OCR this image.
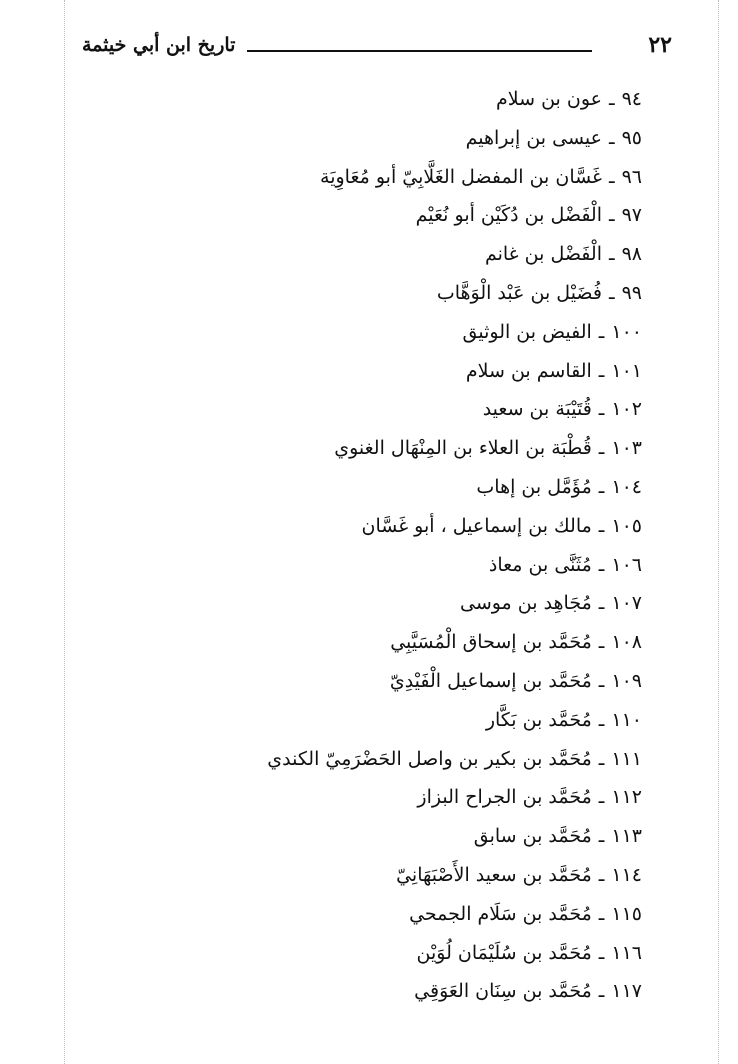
٢٢
تاريخ ابن أبي خيثمة
٩٤ـعون بن سلام
٩٥ـعيسى بن إبراهيم
٩٦ـغَسَّان بن المفضل الغَلَّابِيّ أبو مُعَاوِيَة
٩٧ـالْفَضْل بن دُكَيْن أبو نُعَيْم
٩٨ـالْفَضْل بن غانم
٩٩ـفُضَيْل بن عَبْد الْوَهَّاب
١٠٠ـالفيض بن الوثيق
١٠١ـالقاسم بن سلام
١٠٢ـقُتَيْبَة بن سعيد
١٠٣ـقُطْبَة بن العلاء بن المِنْهَال الغنوي
١٠٤ـمُؤَمَّل بن إهاب
١٠٥ـمالك بن إسماعيل ، أبو غَسَّان
١٠٦ـمُثَنَّى بن معاذ
١٠٧ـمُجَاهِد بن موسى
١٠٨ـمُحَمَّد بن إسحاق الْمُسَيَّبِي
١٠٩ـمُحَمَّد بن إسماعيل الْفَيْدِيّ
١١٠ـمُحَمَّد بن بَكَّار
١١١ـمُحَمَّد بن بكير بن واصل الحَضْرَمِيّ الكندي
١١٢ـمُحَمَّد بن الجراح البزاز
١١٣ـمُحَمَّد بن سابق
١١٤ـمُحَمَّد بن سعيد الأَصْبَهَانِيّ
١١٥ـمُحَمَّد بن سَلَام الجمحي
١١٦ـمُحَمَّد بن سُلَيْمَان لُوَيْن
١١٧ـمُحَمَّد بن سِنَان العَوَقِي
